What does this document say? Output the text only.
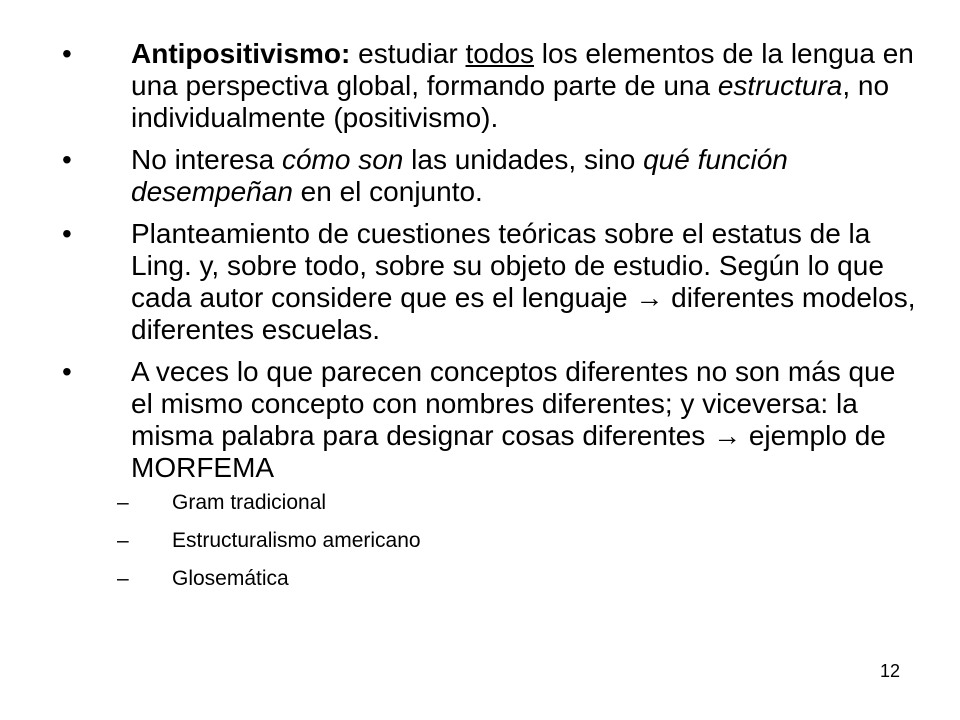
•	Antipositivismo: estudiar todos los elementos de la lengua en una perspectiva global, formando parte de una estructura, no individualmente (positivismo).
•	No interesa cómo son las unidades, sino qué función desempeñan en el conjunto.
•	Planteamiento de cuestiones teóricas sobre el estatus de la Ling. y, sobre todo, sobre su objeto de estudio. Según lo que cada autor considere que es el lenguaje → diferentes modelos, diferentes escuelas.
•	A veces lo que parecen conceptos diferentes no son más que el mismo concepto con nombres diferentes; y viceversa: la misma palabra para designar cosas diferentes → ejemplo de MORFEMA
– Gram tradicional
– Estructuralismo americano
– Glosemática
12
